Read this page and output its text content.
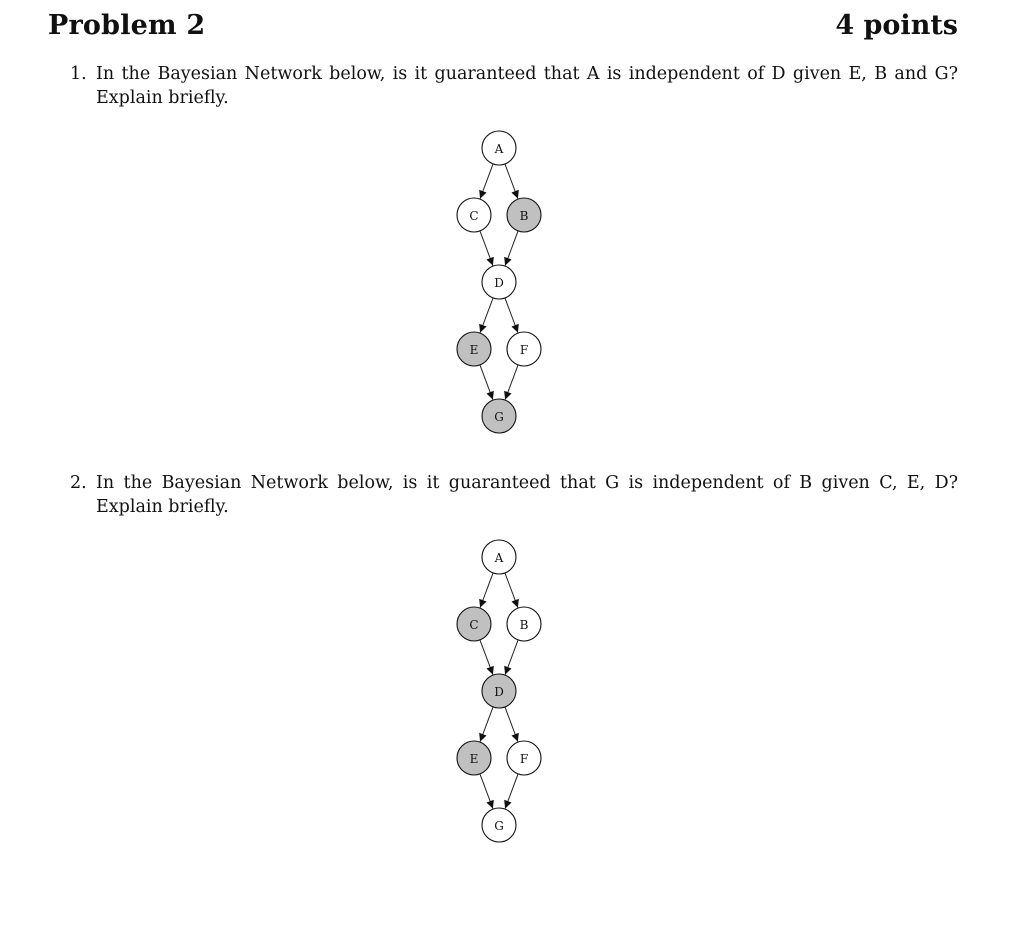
Problem 2	4 points
1. In the Bayesian Network below, is it guaranteed that A is independent of D given E, B and G? Explain briefly.
A
C	B
D
E	F
G
2. In the Bayesian Network below, is it guaranteed that G is independent of B given C, E, D? Explain briefly.
A
C	B
D
E	F
G
